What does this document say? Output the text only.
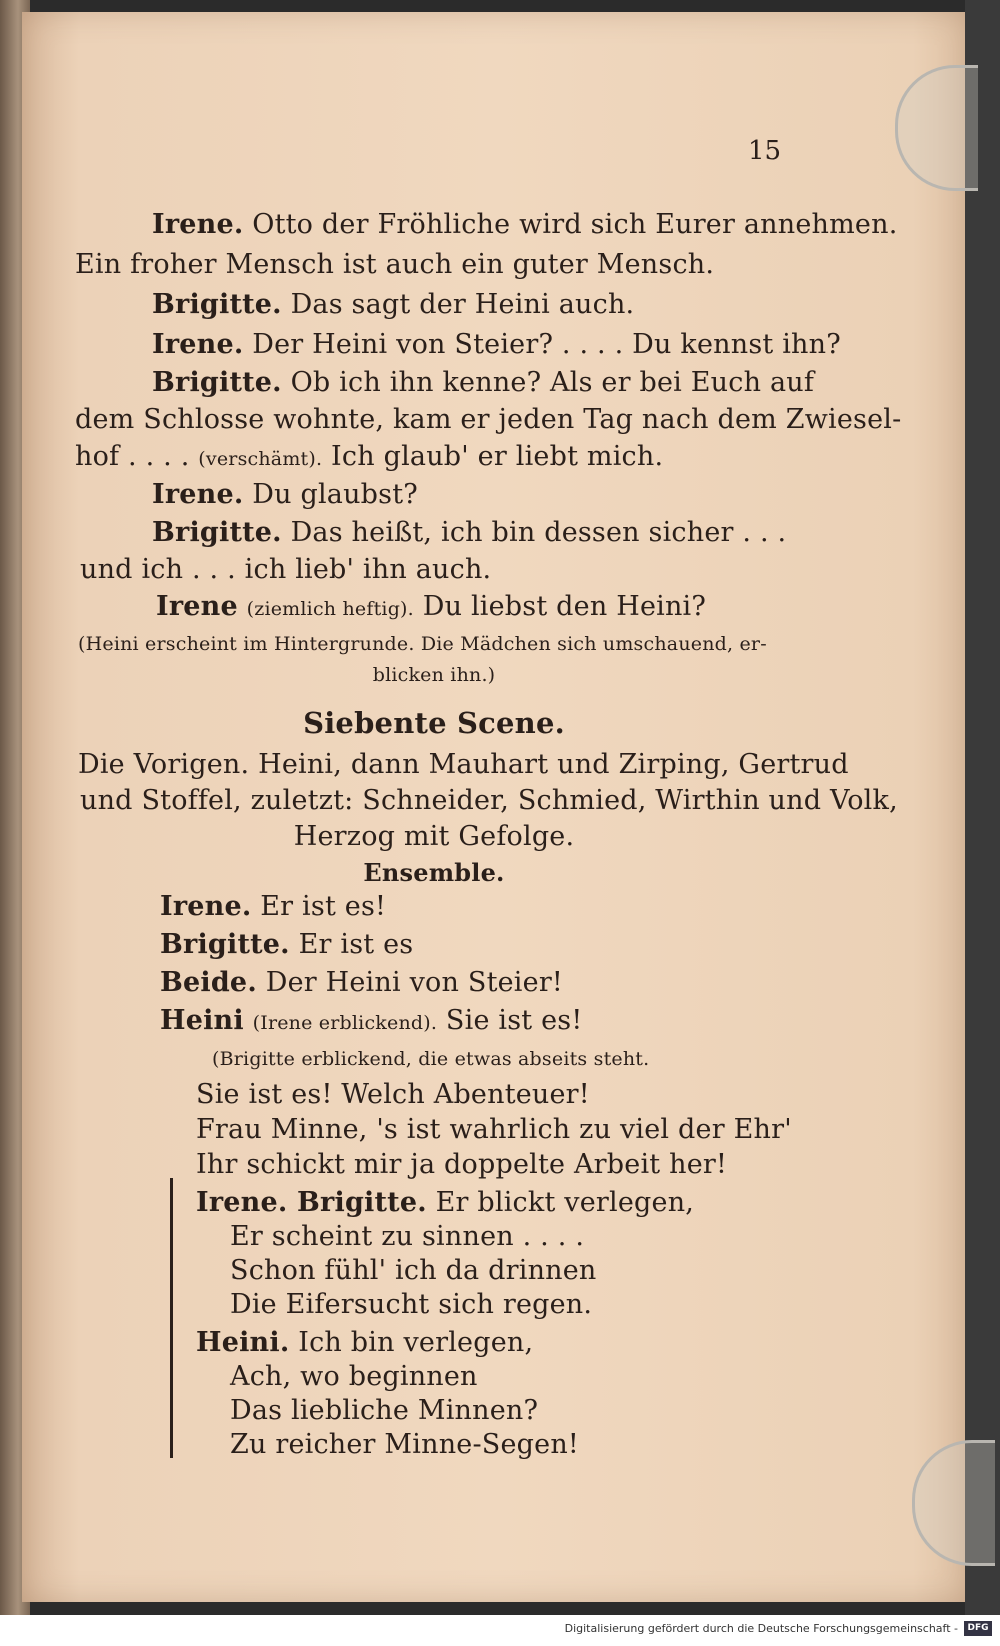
15
Irene. Otto der Fröhliche wird sich Eurer annehmen.
Ein froher Mensch ist auch ein guter Mensch.
Brigitte. Das sagt der Heini auch.
Irene. Der Heini von Steier? . . . . Du kennst ihn?
Brigitte. Ob ich ihn kenne? Als er bei Euch auf
dem Schlosse wohnte, kam er jeden Tag nach dem Zwiesel-
hof . . . . (verschämt). Ich glaub' er liebt mich.
Irene. Du glaubst?
Brigitte. Das heißt, ich bin dessen sicher . . .
und ich . . . ich lieb' ihn auch.
Irene (ziemlich heftig). Du liebst den Heini?
(Heini erscheint im Hintergrunde. Die Mädchen sich umschauend, er-
blicken ihn.)
Siebente Scene.
Die Vorigen. Heini, dann Mauhart und Zirping, Gertrud
und Stoffel, zuletzt: Schneider, Schmied, Wirthin und Volk,
Herzog mit Gefolge.
Ensemble.
Irene. Er ist es!
Brigitte. Er ist es
Beide. Der Heini von Steier!
Heini (Irene erblickend). Sie ist es!
(Brigitte erblickend, die etwas abseits steht.
Sie ist es! Welch Abenteuer!
Frau Minne, 's ist wahrlich zu viel der Ehr'
Ihr schickt mir ja doppelte Arbeit her!
Irene. Brigitte. Er blickt verlegen,
Er scheint zu sinnen . . . .
Schon fühl' ich da drinnen
Die Eifersucht sich regen.
Heini. Ich bin verlegen,
Ach, wo beginnen
Das liebliche Minnen?
Zu reicher Minne-Segen!
Digitalisierung gefördert durch die Deutsche Forschungsgemeinschaft -	DFG
